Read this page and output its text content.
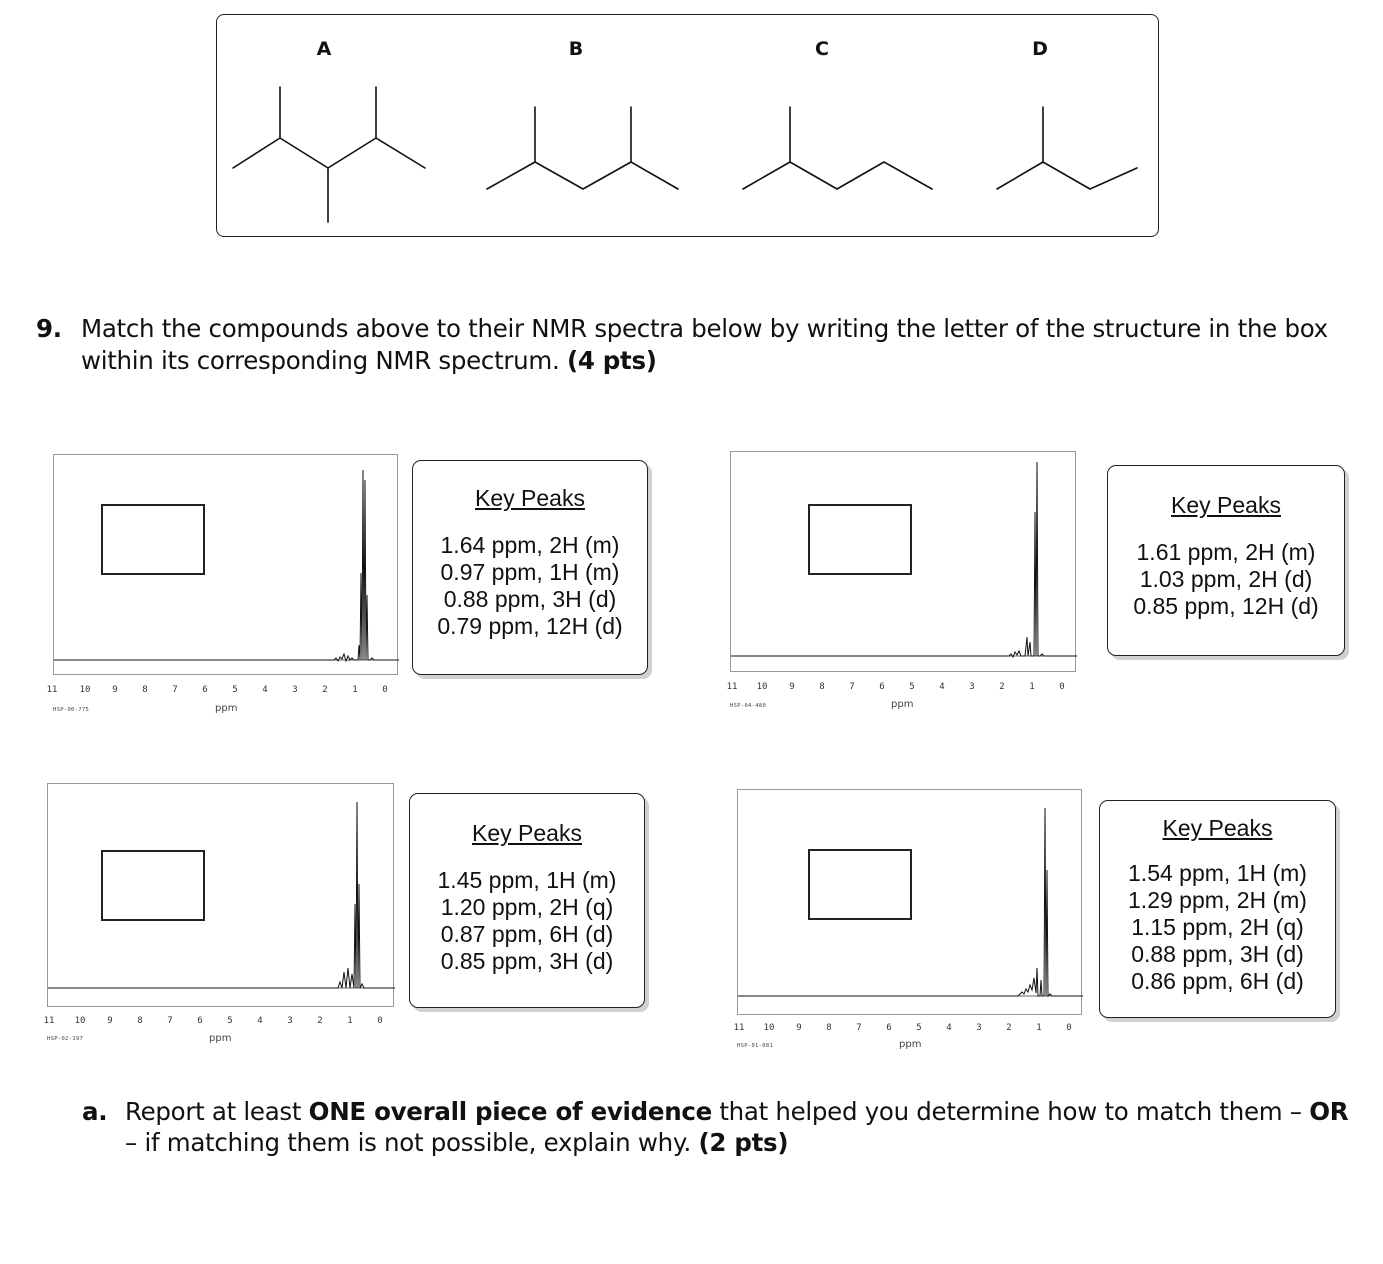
A	B	C	D
9. Match the compounds above to their NMR spectra below by writing the letter of the structure in the box within its corresponding NMR spectrum. (4 pts)
11 10 9	8	7	6	5	4	3	2	1	0
ppm
HSP-00-775
Key Peaks
1.64 ppm, 2H (m)
0.97 ppm, 1H (m)
0.88 ppm, 3H (d)
0.79 ppm, 12H (d)
11 10 9	8	7	6	5	4	3	2	1	0
ppm
HSP-04-480
Key Peaks
1.61 ppm, 2H (m)
1.03 ppm, 2H (d)
0.85 ppm, 12H (d)
11 10 9	8	7	6	5	4	3	2	1	0
ppm
HSP-02-197
Key Peaks
1.45 ppm, 1H (m)
1.20 ppm, 2H (q)
0.87 ppm, 6H (d)
0.85 ppm, 3H (d)
11 10 9	8	7	6	5	4	3	2	1	0
ppm
HSP-01-081
Key Peaks
1.54 ppm, 1H (m)
1.29 ppm, 2H (m)
1.15 ppm, 2H (q)
0.88 ppm, 3H (d)
0.86 ppm, 6H (d)
a. Report at least ONE overall piece of evidence that helped you determine how to match them – OR – if matching them is not possible, explain why. (2 pts)
